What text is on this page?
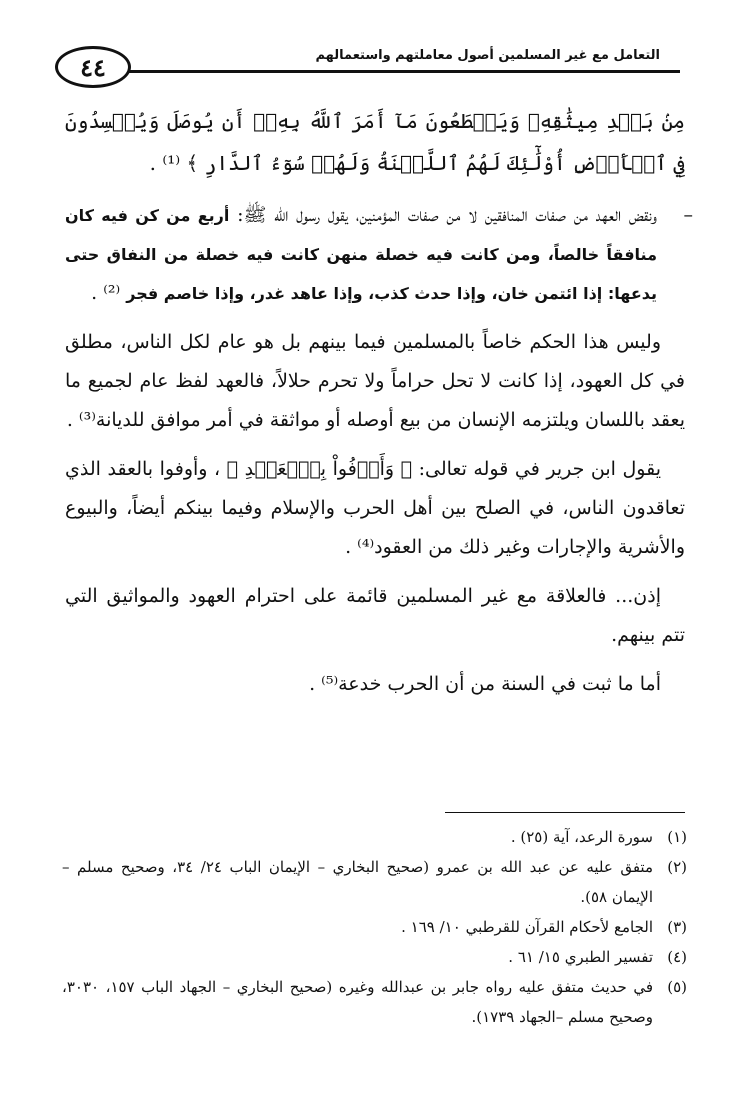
٤٤	التعامل مع غير المسلمين أصول معاملتهم واستعمالهم

مِنۢ بَعۡدِ مِيثَٰقِهِۦ وَيَقۡطَعُونَ مَآ أَمَرَ ٱللَّهُ بِهِۦٓ أَن يُوصَلَ وَيُفۡسِدُونَ فِي ٱلۡأَرۡضِ أُوْلَٰٓئِكَ لَهُمُ ٱللَّعۡنَةُ وَلَهُمۡ سُوٓءُ ٱلدَّارِ ﴾ ⁽¹⁾ .

–
ونقض العهد من صفات المنافقين لا من صفات المؤمنين، يقول رسول الله ﷺ: أربع من كن فيه كان منافقاً خالصاً، ومن كانت فيه خصلة منهن كانت فيه خصلة من النفاق حتى يدعها: إذا ائتمن خان، وإذا حدث كذب، وإذا عاهد غدر، وإذا خاصم فجر ⁽²⁾ .

وليس هذا الحكم خاصاً بالمسلمين فيما بينهم بل هو عام لكل الناس، مطلق في كل العهود، إذا كانت لا تحل حراماً ولا تحرم حلالاً، فالعهد لفظ عام لجميع ما يعقد باللسان ويلتزمه الإنسان من بيع أوصله أو مواثقة في أمر موافق للديانة⁽³⁾ .

يقول ابن جرير في قوله تعالى: ﴿ وَأَوۡفُواْ بِٱلۡعَهۡدِ ﴾ ، وأوفوا بالعقد الذي تعاقدون الناس، في الصلح بين أهل الحرب والإسلام وفيما بينكم أيضاً، والبيوع والأشرية والإجارات وغير ذلك من العقود⁽⁴⁾ .

إذن... فالعلاقة مع غير المسلمين قائمة على احترام العهود والمواثيق التي تتم بينهم.

أما ما ثبت في السنة من أن الحرب خدعة⁽⁵⁾ .

(١)
سورة الرعد، آية (٢٥) .
(٢)
متفق عليه عن عبد الله بن عمرو (صحيح البخاري – الإيمان الباب ٢٤/ ٣٤، وصحيح مسلم – الإيمان ٥٨).
(٣)
الجامع لأحكام القرآن للقرطبي ١٠/ ١٦٩ .
(٤)
تفسير الطبري ١٥/ ٦١ .
(٥)
في حديث متفق عليه رواه جابر بن عبدالله وغيره (صحيح البخاري – الجهاد الباب ١٥٧، ٣٠٣٠، وصحيح مسلم –الجهاد ١٧٣٩).
